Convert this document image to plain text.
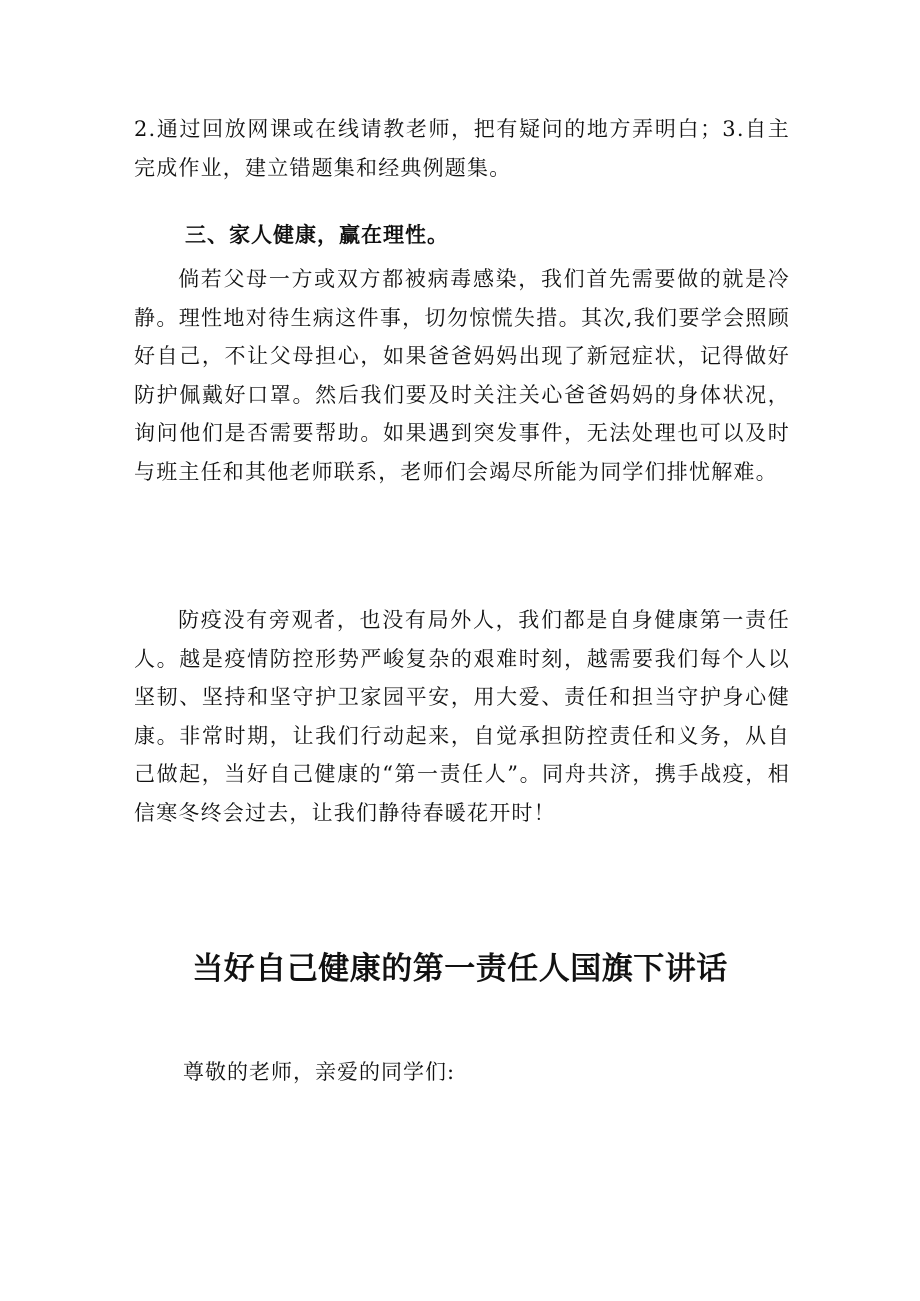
2.通过回放网课或在线请教老师，把有疑问的地方弄明白；3.自主完成作业，建立错题集和经典例题集。

三、家人健康，赢在理性。

倘若父母一方或双方都被病毒感染，我们首先需要做的就是冷静。理性地对待生病这件事，切勿惊慌失措。其次,我们要学会照顾好自己，不让父母担心，如果爸爸妈妈出现了新冠症状，记得做好防护佩戴好口罩。然后我们要及时关注关心爸爸妈妈的身体状况，询问他们是否需要帮助。如果遇到突发事件，无法处理也可以及时与班主任和其他老师联系，老师们会竭尽所能为同学们排忧解难。

防疫没有旁观者，也没有局外人，我们都是自身健康第一责任人。越是疫情防控形势严峻复杂的艰难时刻，越需要我们每个人以坚韧、坚持和坚守护卫家园平安，用大爱、责任和担当守护身心健康。非常时期，让我们行动起来，自觉承担防控责任和义务，从自己做起，当好自己健康的“第一责任人”。同舟共济，携手战疫，相信寒冬终会过去，让我们静待春暖花开时！

当好自己健康的第一责任人国旗下讲话

尊敬的老师，亲爱的同学们:
